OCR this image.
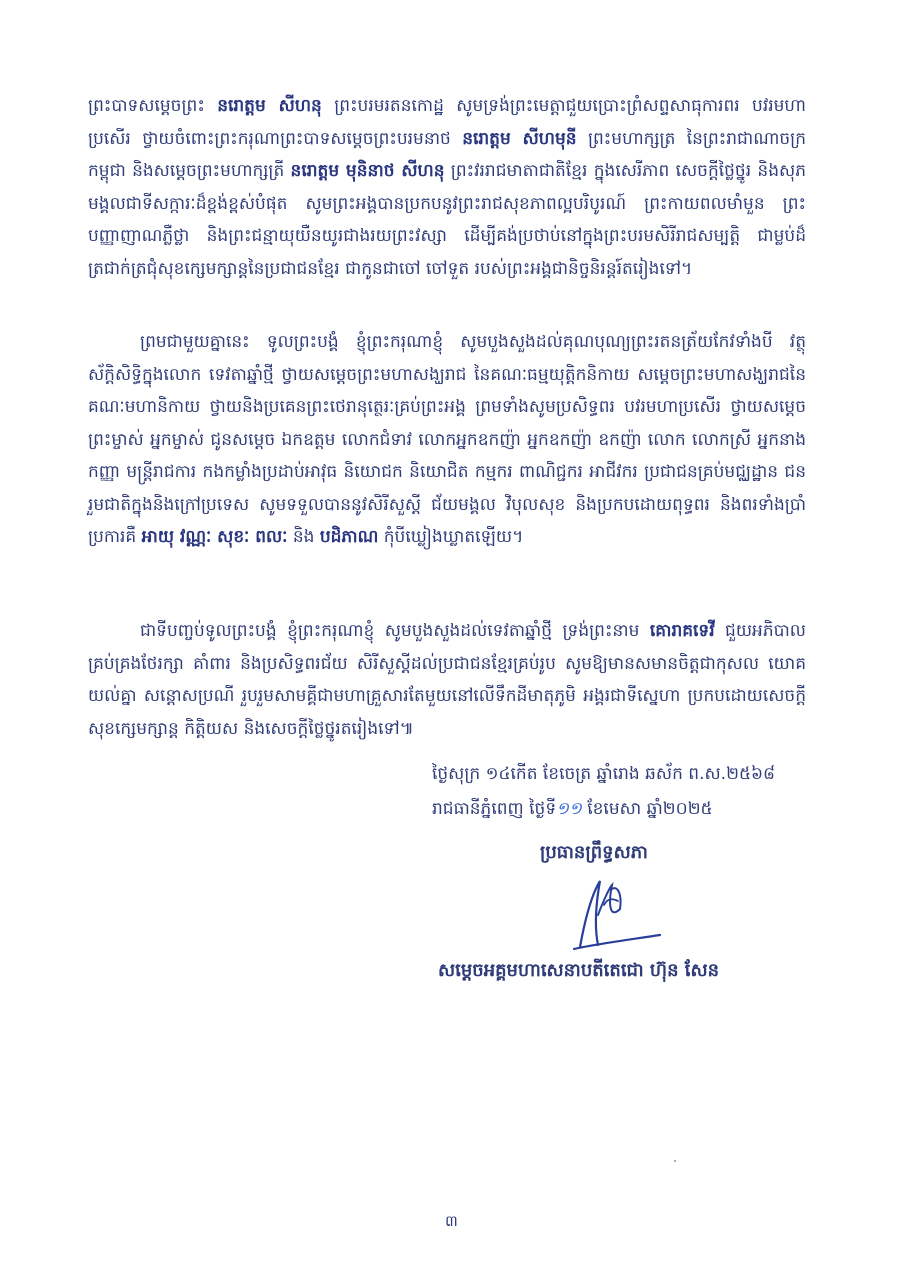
ព្រះបាទសម្តេចព្រះ នរោត្តម សីហនុ ព្រះបរមរតនកោដ្ឋ សូមទ្រង់ព្រះមេត្តាជួយប្រោះព្រំសព្ទសាធុការពរ បវរមហាប្រសើរ ថ្វាយចំពោះព្រះករុណាព្រះបាទសម្តេចព្រះបរមនាថ នរោត្តម សីហមុនី ព្រះមហាក្សត្រ នៃព្រះរាជាណាចក្រកម្ពុជា និងសម្តេចព្រះមហាក្សត្រី នរោត្តម មុនិនាថ សីហនុ ព្រះវររាជមាតាជាតិខ្មែរ ក្នុងសេរីភាព សេចក្តីថ្លៃថ្នូរ និងសុភមង្គលជាទីសក្ការៈដ៏ខ្ពង់ខ្ពស់បំផុត សូមព្រះអង្គបានប្រកបនូវព្រះរាជសុខភាពល្អបរិបូរណ៍ ព្រះកាយពលមាំមួន ព្រះបញ្ញាញាណភ្លឺថ្លា និងព្រះជន្មាយុយឺនយូរជាងរយព្រះវស្សា ដើម្បីគង់ប្រថាប់នៅក្នុងព្រះបរមសិរីរាជសម្បត្តិ ជាម្លប់ដ៏ត្រជាក់ត្រជុំសុខក្សេមក្សាន្តនៃប្រជាជនខ្មែរ ជាកូនជាចៅ ចៅទួត របស់ព្រះអង្គជានិច្ចនិរន្តរ៍តរៀងទៅ។

ព្រមជាមួយគ្នានេះ ទូលព្រះបង្គំ ខ្ញុំព្រះករុណាខ្ញុំ សូមបួងសួងដល់គុណបុណ្យព្រះរតនត្រ័យកែវទាំងបី វត្ថុស័ក្តិសិទ្ធិក្នុងលោក ទេវតាឆ្នាំថ្មី ថ្វាយសម្តេចព្រះមហាសង្ឃរាជ នៃគណៈធម្មយុត្តិកនិកាយ សម្តេចព្រះមហាសង្ឃរាជនៃគណៈមហានិកាយ ថ្វាយនិងប្រគេនព្រះថេរានុត្ថេរៈគ្រប់ព្រះអង្គ ព្រមទាំងសូមប្រសិទ្ធពរ បវរមហាប្រសើរ ថ្វាយសម្តេច ព្រះម្ចាស់ អ្នកម្ចាស់ ជូនសម្តេច ឯកឧត្តម លោកជំទាវ លោកអ្នកឧកញ៉ា អ្នកឧកញ៉ា ឧកញ៉ា លោក លោកស្រី អ្នកនាង កញ្ញា មន្ត្រីរាជការ កងកម្លាំងប្រដាប់អាវុធ និយោជក និយោជិត កម្មករ ពាណិជ្ជករ អាជីវករ ប្រជាជនគ្រប់មជ្ឈដ្ឋាន ជនរួមជាតិក្នុងនិងក្រៅប្រទេស សូមទទួលបាននូវសិរីសួស្តី ជ័យមង្គល វិបុលសុខ និងប្រកបដោយពុទ្ធពរ និងពរទាំងប្រាំប្រការគឺ អាយុ វណ្ណៈ សុខៈ ពលៈ និង បដិភាណ កុំបីឃ្លៀងឃ្លាតឡើយ។

ជាទីបញ្ចប់ទូលព្រះបង្គំ ខ្ញុំព្រះករុណាខ្ញុំ សូមបួងសួងដល់ទេវតាឆ្នាំថ្មី ទ្រង់ព្រះនាម គោរាគទេវី ជួយអភិបាលគ្រប់គ្រងថែរក្សា គាំពារ និងប្រសិទ្ធពរជ័យ សិរីសួស្តីដល់ប្រជាជនខ្មែរគ្រប់រូប សូមឱ្យមានសមានចិត្តជាកុសល យោគយល់គ្នា សន្តោសប្រណី រួបរួមសាមគ្គីជាមហាគ្រួសារតែមួយនៅលើទឹកដីមាតុភូមិ អង្គរជាទីស្នេហា ប្រកបដោយសេចក្តីសុខក្សេមក្សាន្ត កិត្តិយស និងសេចក្តីថ្លៃថ្នូរតរៀងទៅ៕

ថ្ងៃសុក្រ ១៤កើត ខែចេត្រ ឆ្នាំរោង ឆស័ក ព.ស.២៥៦៨
រាជធានីភ្នំពេញ ថ្ងៃទី១១ ខែមេសា ឆ្នាំ២០២៥
ប្រធានព្រឹទ្ធសភា
សម្តេចអគ្គមហាសេនាបតីតេជោ ហ៊ុន សែន
៣
